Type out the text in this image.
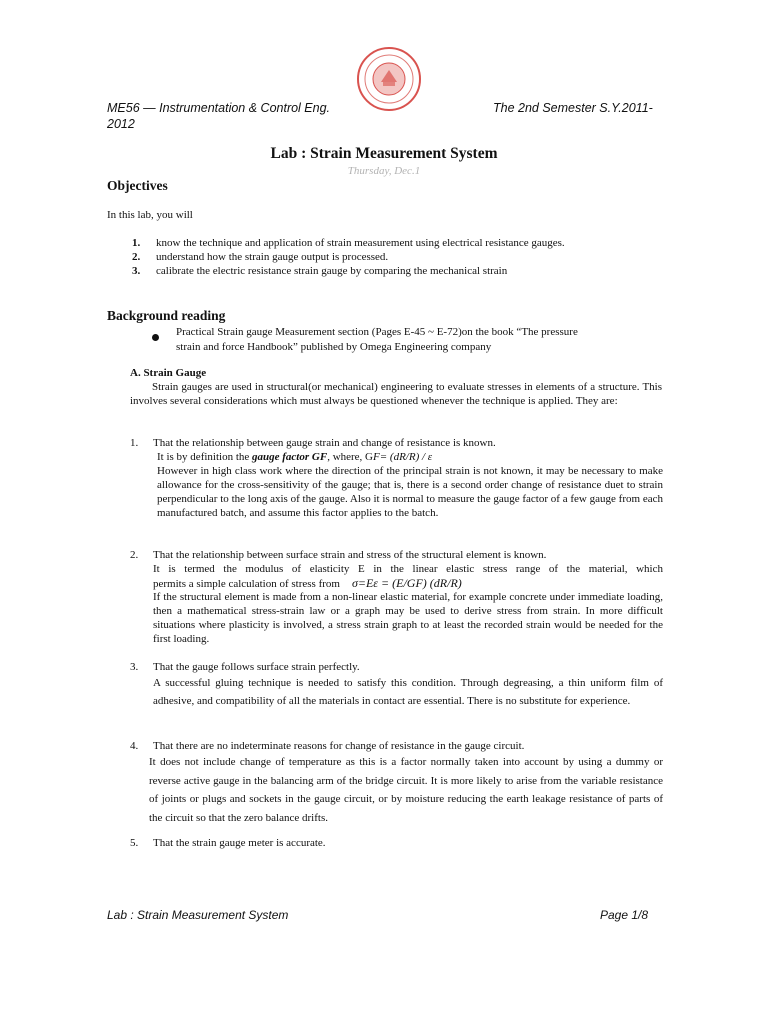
ME56 — Instrumentation & Control Eng.	The 2nd Semester S.Y.2011-
2012
Lab : Strain Measurement System
Thursday, Dec.1
Objectives
In this lab, you will
1. know the technique and application of strain measurement using electrical resistance gauges.
2. understand how the strain gauge output is processed.
3. calibrate the electric resistance strain gauge by comparing the mechanical strain
Background reading
Practical Strain gauge Measurement section (Pages E-45 ~ E-72)on the book “The pressure
strain and force Handbook” published by Omega Engineering company
A. Strain Gauge
Strain gauges are used in structural(or mechanical) engineering to evaluate stresses in elements of a structure. This involves several considerations which must always be questioned whenever the technique is applied. They are:
1. That the relationship between gauge strain and change of resistance is known.
It is by definition the gauge factor GF, where, GF= (dR/R) / ε
However in high class work where the direction of the principal strain is not known, it may be necessary to make allowance for the cross-sensitivity of the gauge; that is, there is a second order change of resistance duet to strain perpendicular to the long axis of the gauge. Also it is normal to measure the gauge factor of a few gauge from each manufactured batch, and assume this factor applies to the batch.
2. That the relationship between surface strain and stress of the structural element is known.
It is termed the modulus of elasticity E in the linear elastic stress range of the material, which
permits a simple calculation of stress from σ=Eε = (E/GF) (dR/R)
If the structural element is made from a non-linear elastic material, for example concrete under immediate loading, then a mathematical stress-strain law or a graph may be used to derive stress from strain. In more difficult situations where plasticity is involved, a stress strain graph to at least the recorded strain would be needed for the first loading.
3. That the gauge follows surface strain perfectly.
A successful gluing technique is needed to satisfy this condition. Through degreasing, a thin uniform film of adhesive, and compatibility of all the materials in contact are essential. There is no substitute for experience.
4. That there are no indeterminate reasons for change of resistance in the gauge circuit.
It does not include change of temperature as this is a factor normally taken into account by using a dummy or reverse active gauge in the balancing arm of the bridge circuit. It is more likely to arise from the variable resistance of joints or plugs and sockets in the gauge circuit, or by moisture reducing the earth leakage resistance of parts of the circuit so that the zero balance drifts.
5. That the strain gauge meter is accurate.
Lab : Strain Measurement System	Page 1/8
